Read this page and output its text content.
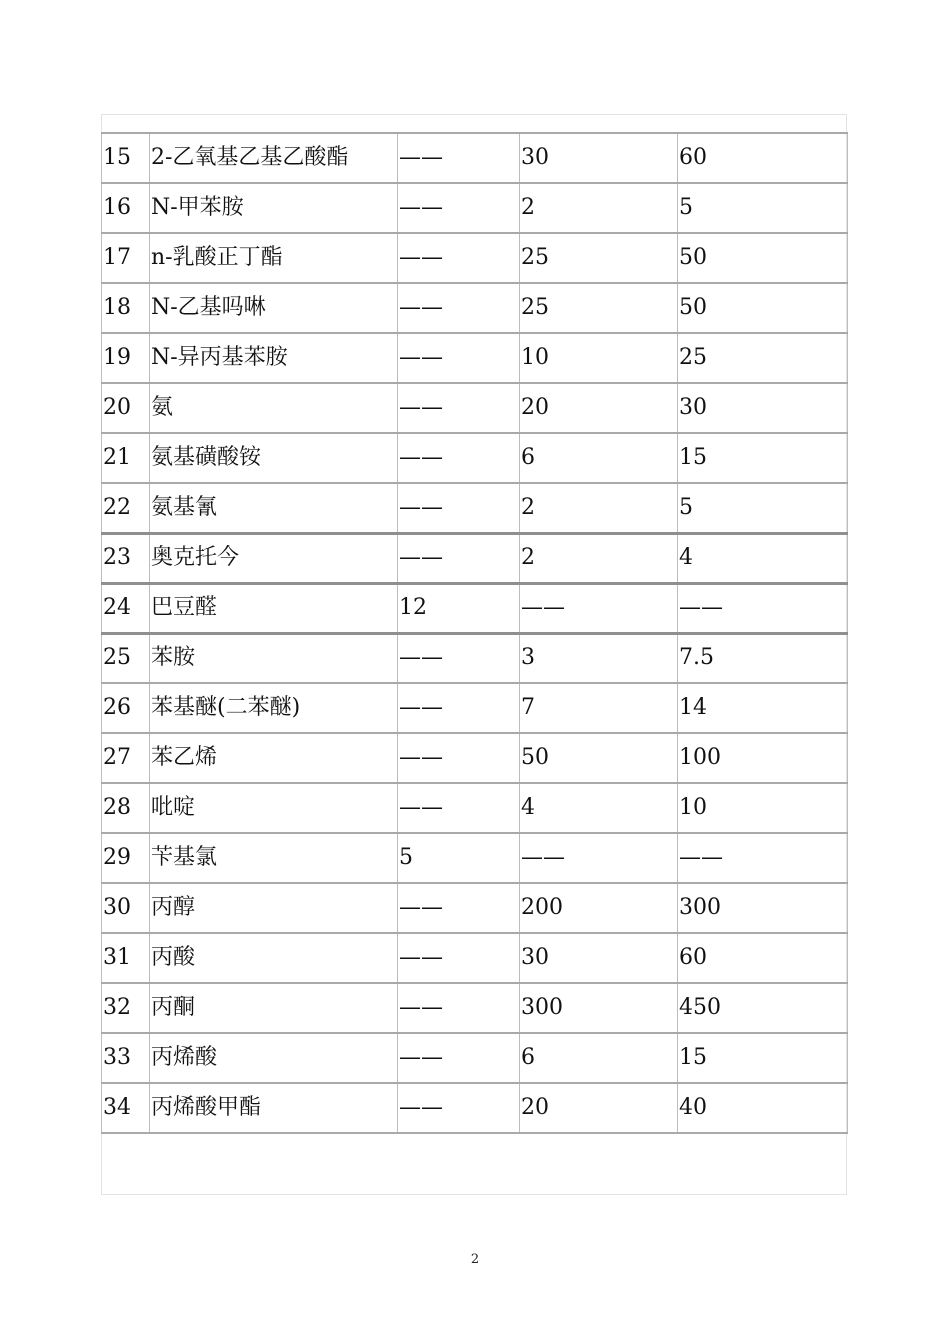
15	2-乙氧基乙基乙酸酯	——	30	60
16	N-甲苯胺	——	2	5
17	n-乳酸正丁酯	——	25	50
18	N-乙基吗啉	——	25	50
19	N-异丙基苯胺	——	10	25
20	氨	——	20	30
21	氨基磺酸铵	——	6	15
22	氨基氰	——	2	5
23	奥克托今	——	2	4
24	巴豆醛	12	——	——
25	苯胺	——	3	7.5
26	苯基醚(二苯醚)	——	7	14
27	苯乙烯	——	50	100
28	吡啶	——	4	10
29	苄基氯	5	——	——
30	丙醇	——	200	300
31	丙酸	——	30	60
32	丙酮	——	300	450
33	丙烯酸	——	6	15
34	丙烯酸甲酯	——	20	40
2
